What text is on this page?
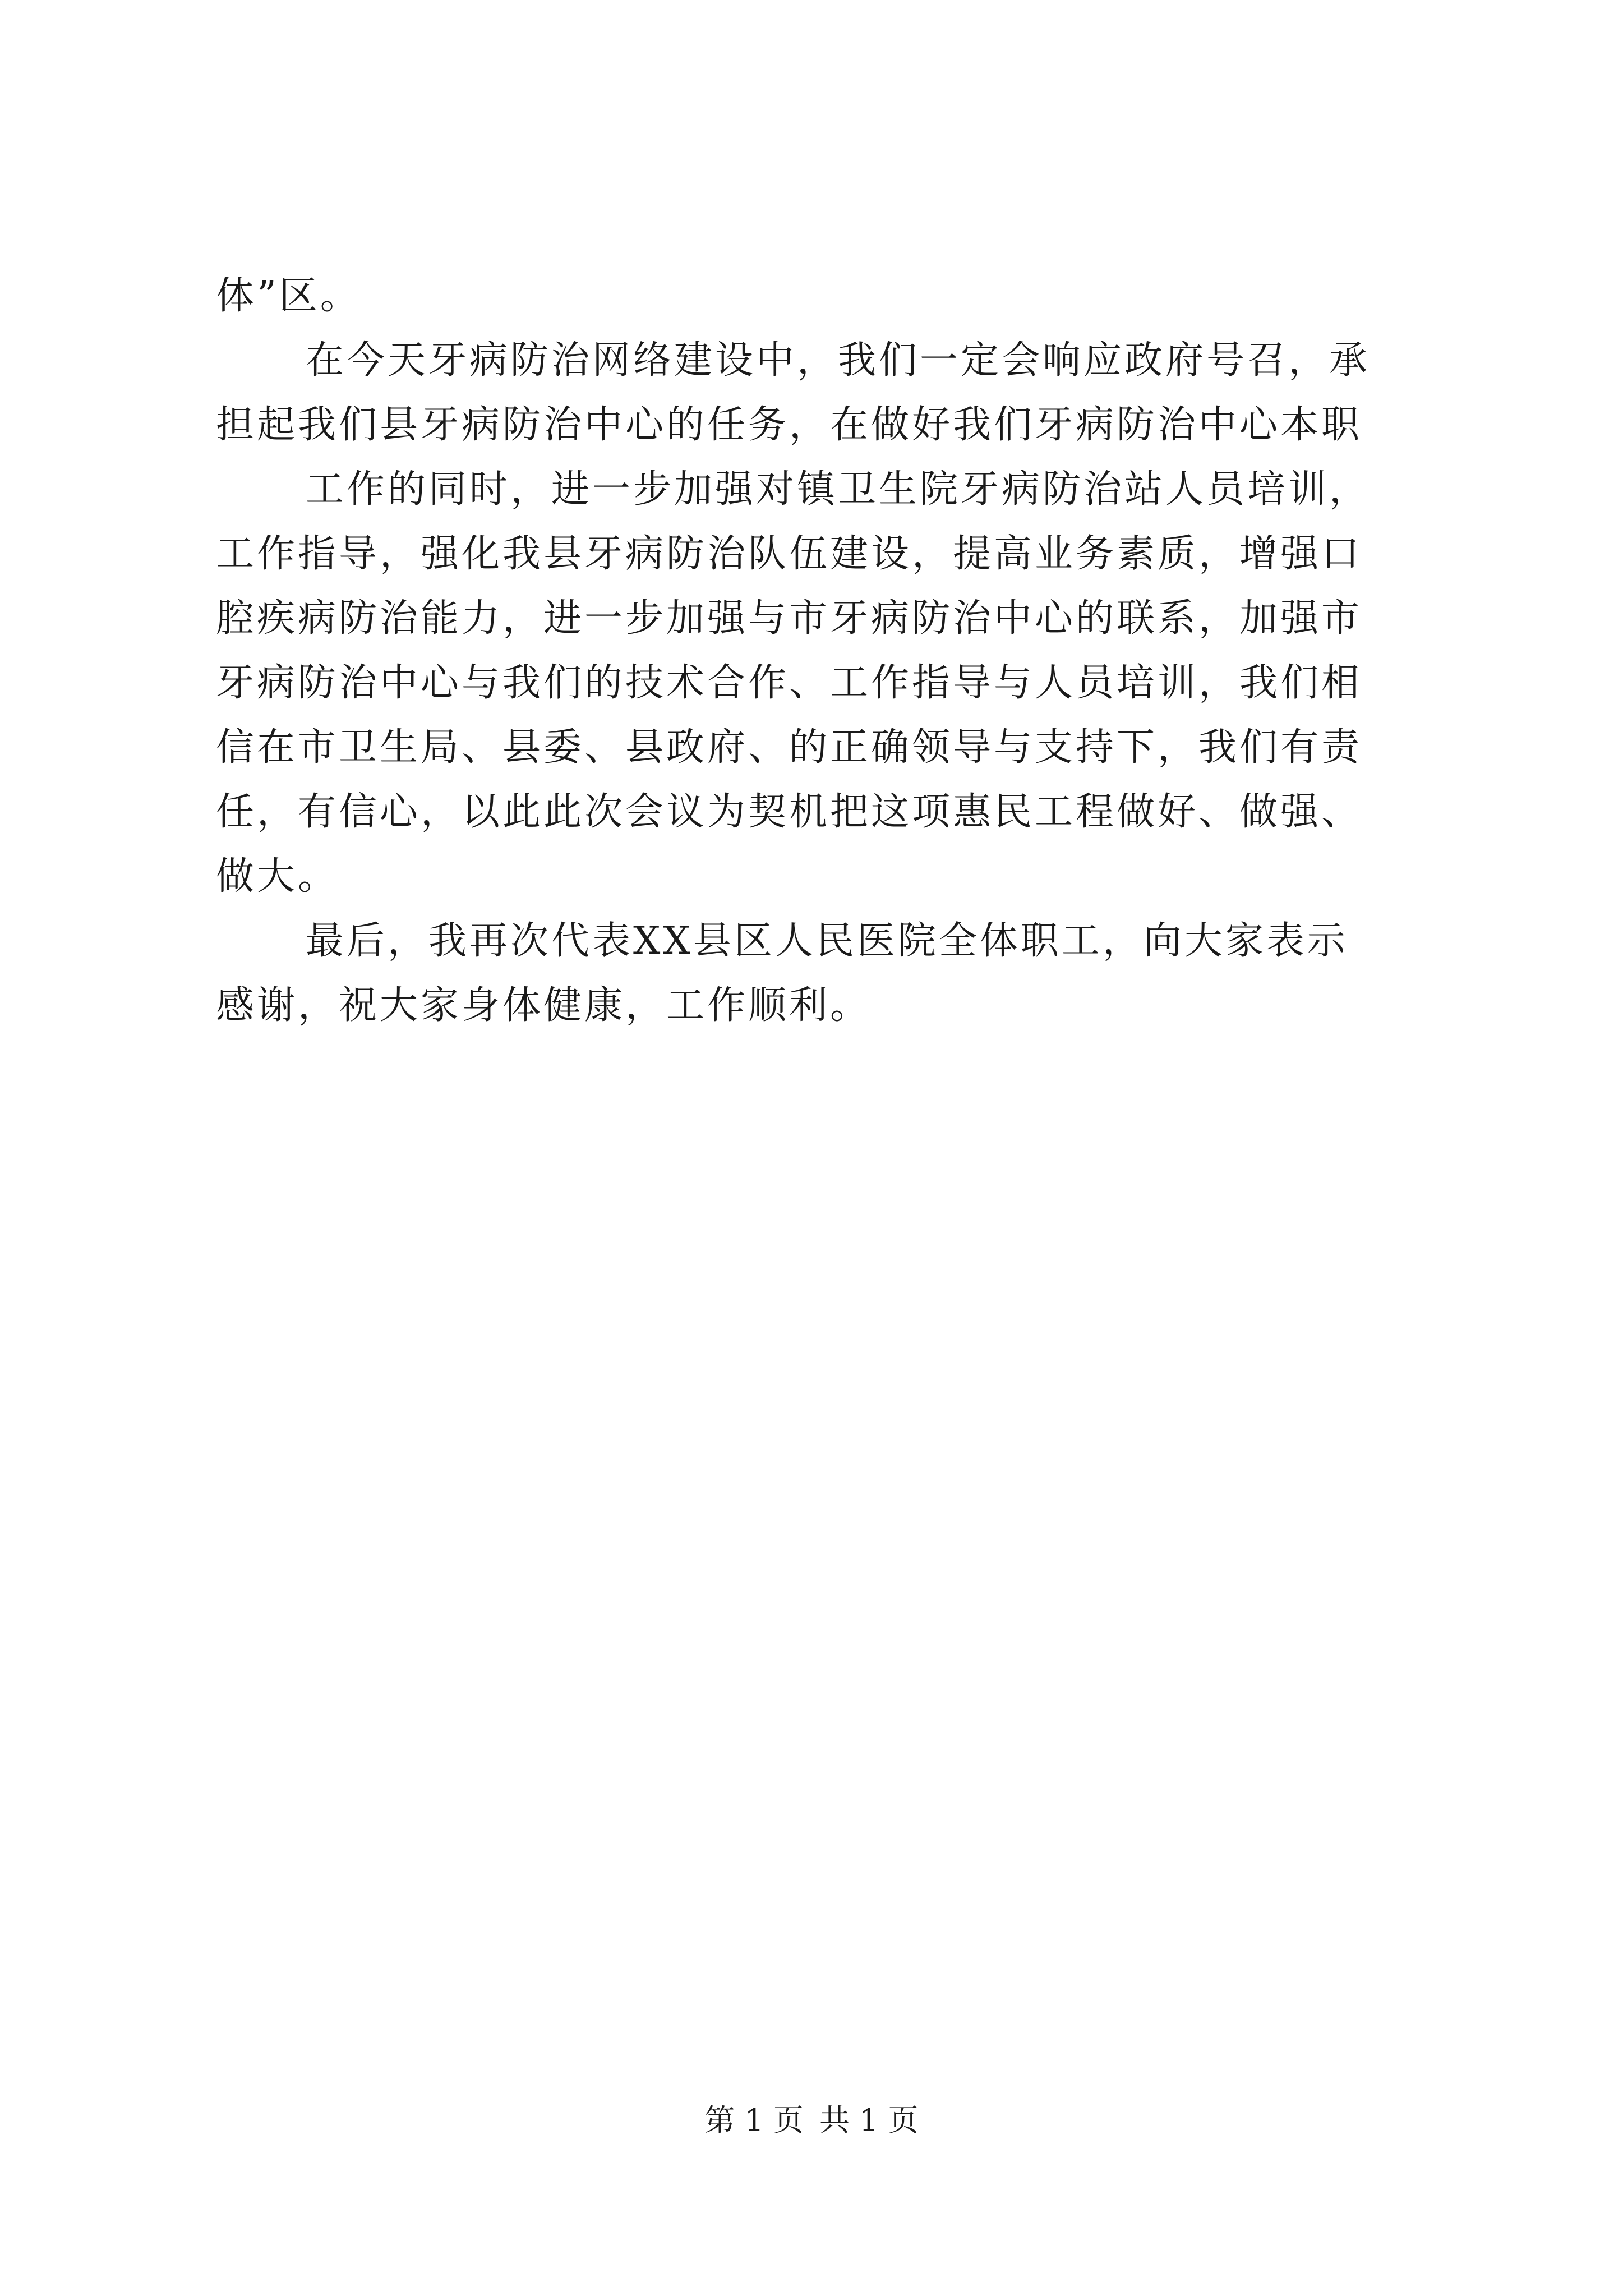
体”区。
在今天牙病防治网络建设中，我们一定会响应政府号召，承
担起我们县牙病防治中心的任务，在做好我们牙病防治中心本职
工作的同时，进一步加强对镇卫生院牙病防治站人员培训，
工作指导，强化我县牙病防治队伍建设，提高业务素质，增强口
腔疾病防治能力，进一步加强与市牙病防治中心的联系，加强市
牙病防治中心与我们的技术合作、工作指导与人员培训，我们相
信在市卫生局、县委、县政府、的正确领导与支持下，我们有责
任，有信心，以此此次会议为契机把这项惠民工程做好、做强、
做大。
最后，我再次代表XX县区人民医院全体职工，向大家表示
感谢，祝大家身体健康，工作顺利。
第 1 页 共 1 页
